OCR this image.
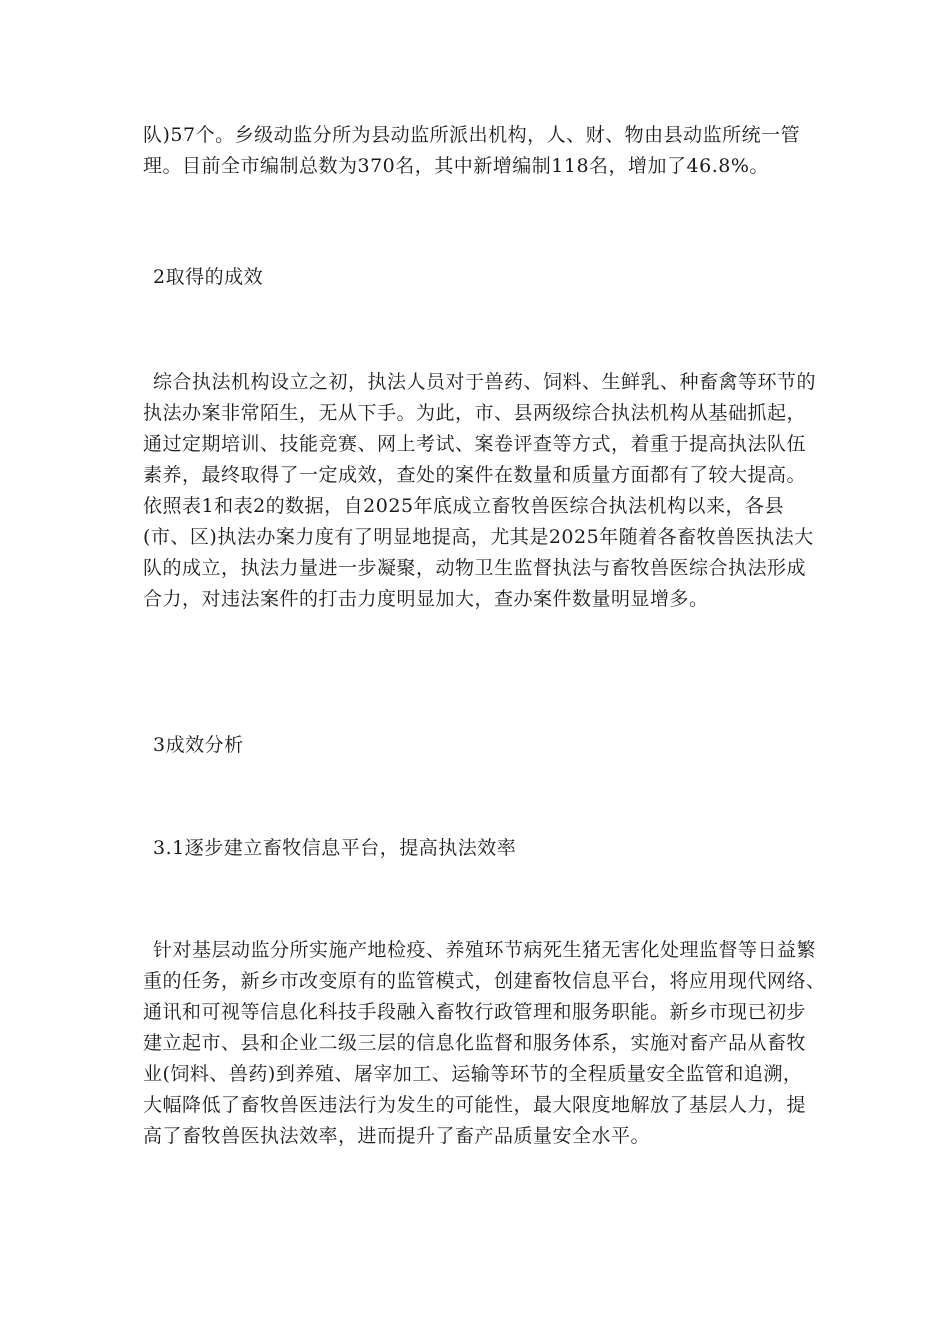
队)57个。乡级动监分所为县动监所派出机构，人、财、物由县动监所统一管
理。目前全市编制总数为370名，其中新增编制118名，增加了46.8%。
2取得的成效
综合执法机构设立之初，执法人员对于兽药、饲料、生鲜乳、种畜禽等环节的
执法办案非常陌生，无从下手。为此，市、县两级综合执法机构从基础抓起，
通过定期培训、技能竞赛、网上考试、案卷评查等方式，着重于提高执法队伍
素养，最终取得了一定成效，查处的案件在数量和质量方面都有了较大提高。
依照表1和表2的数据，自2025年底成立畜牧兽医综合执法机构以来，各县
(市、区)执法办案力度有了明显地提高，尤其是2025年随着各畜牧兽医执法大
队的成立，执法力量进一步凝聚，动物卫生监督执法与畜牧兽医综合执法形成
合力，对违法案件的打击力度明显加大，查办案件数量明显增多。
3成效分析
3.1逐步建立畜牧信息平台，提高执法效率
针对基层动监分所实施产地检疫、养殖环节病死生猪无害化处理监督等日益繁
重的任务，新乡市改变原有的监管模式，创建畜牧信息平台，将应用现代网络、
通讯和可视等信息化科技手段融入畜牧行政管理和服务职能。新乡市现已初步
建立起市、县和企业二级三层的信息化监督和服务体系，实施对畜产品从畜牧
业(饲料、兽药)到养殖、屠宰加工、运输等环节的全程质量安全监管和追溯，
大幅降低了畜牧兽医违法行为发生的可能性，最大限度地解放了基层人力，提
高了畜牧兽医执法效率，进而提升了畜产品质量安全水平。
